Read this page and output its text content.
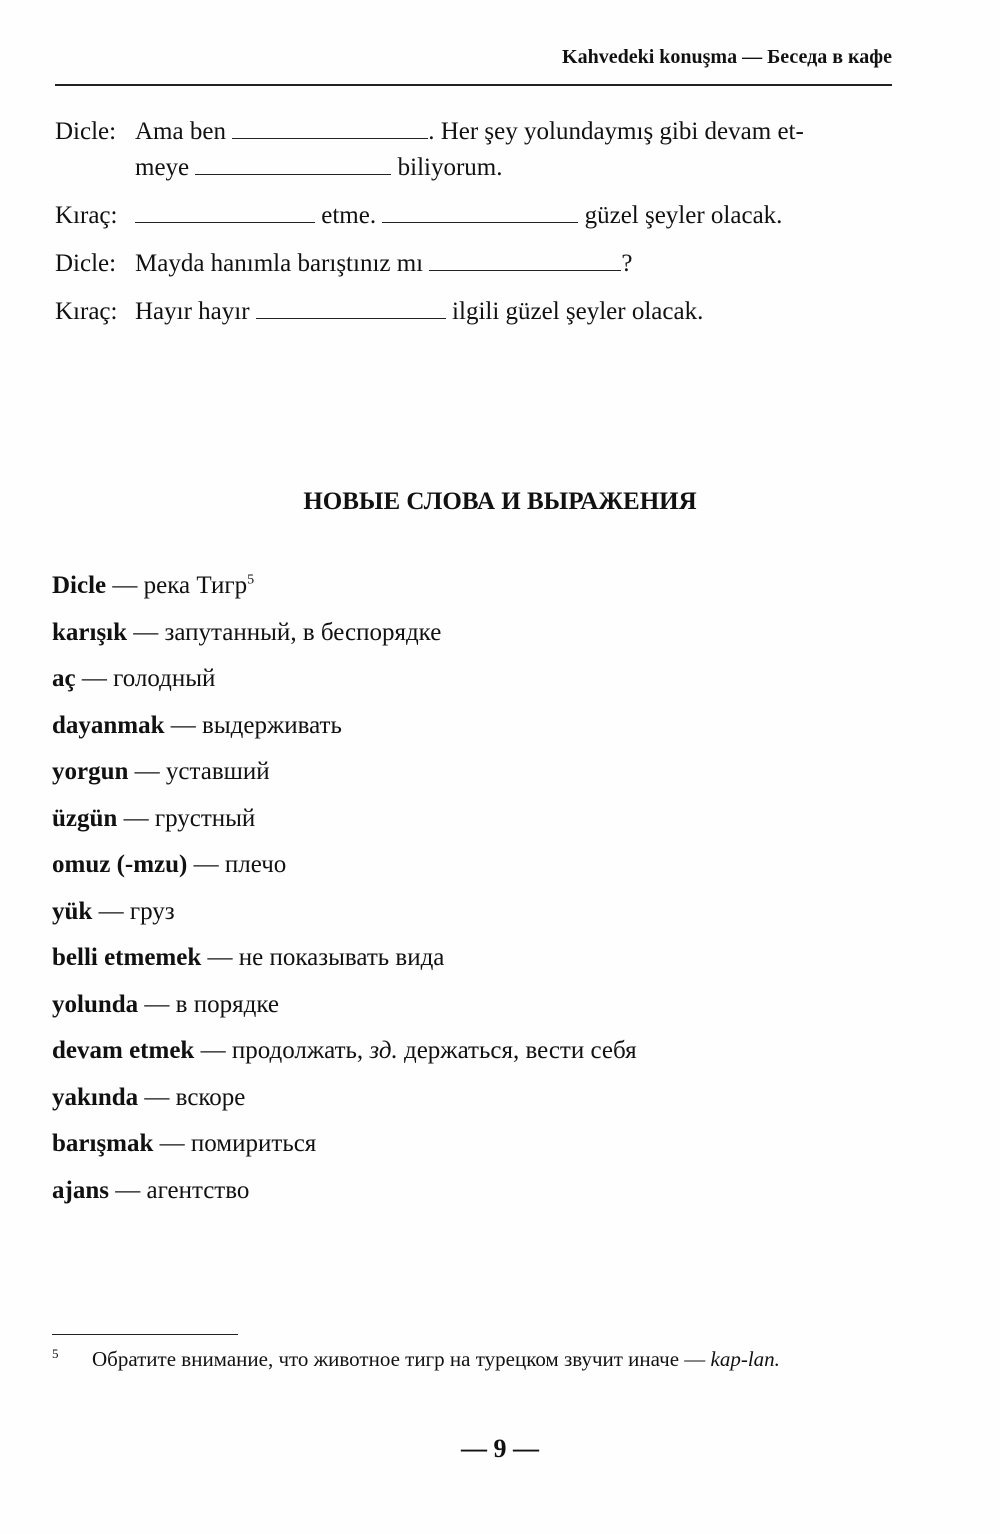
Kahvedeki konuşma — Беседа в кафе
Dicle: Ama ben	. Her şey yolundaymış gibi devam et-
meye	biliyorum.
Kıraç:	etme.	güzel şeyler olacak.
Dicle: Mayda hanımla barıştınız mı	?
Kıraç: Hayır hayır	ilgili güzel şeyler olacak.
НОВЫЕ СЛОВА И ВЫРАЖЕНИЯ
Dicle — река Тигр$^5$
karışık — запутанный, в беспорядке
aç — голодный
dayanmak — выдерживать
yorgun — уставший
üzgün — грустный
omuz (-mzu) — плечо
yük — груз
belli etmemek — не показывать вида
yolunda — в порядке
devam etmek — продолжать, зд. держаться, вести себя
yakında — вскоре
barışmak — помириться
ajans — агентство
5	Обратите внимание, что животное тигр на турецком звучит иначе — kap-lan.
— 9 —
